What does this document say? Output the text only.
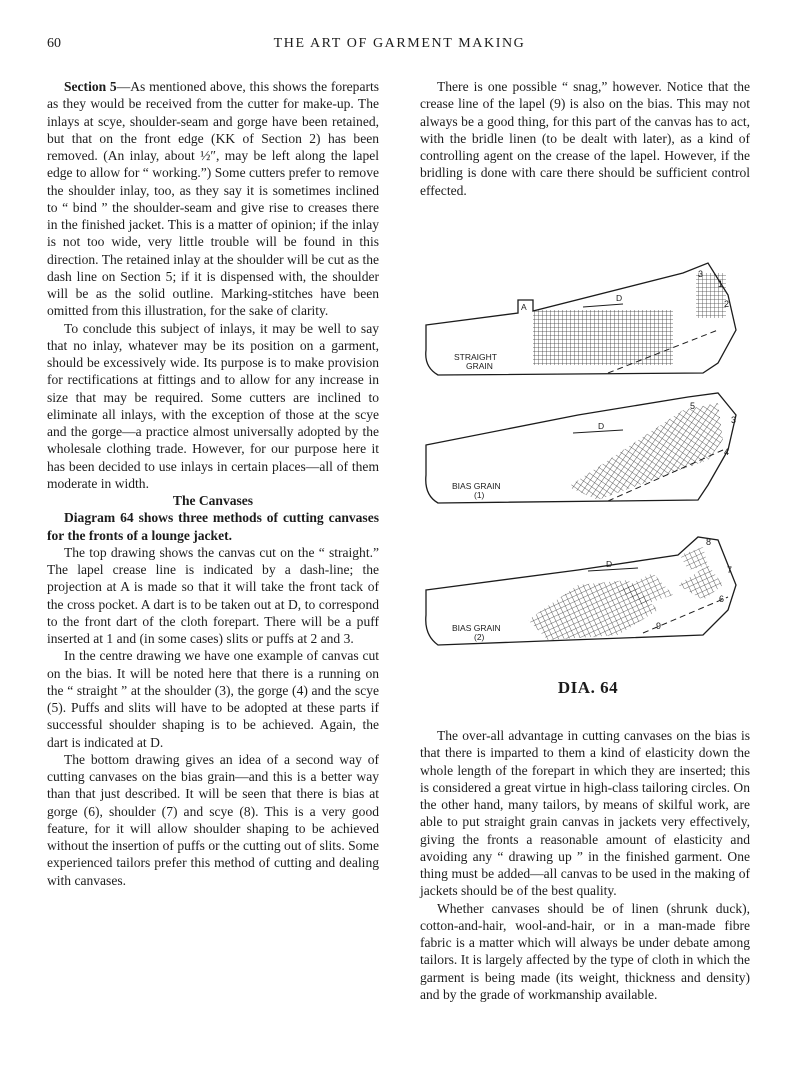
60	THE ART OF GARMENT MAKING

Section 5—As mentioned above, this shows the foreparts as they would be received from the cutter for make-up. The inlays at scye, shoulder-seam and gorge have been retained, but that on the front edge (KK of Section 2) has been removed. (An inlay, about ½″, may be left along the lapel edge to allow for “ working.”) Some cutters prefer to remove the shoulder inlay, too, as they say it is sometimes inclined to “ bind ” the shoulder-seam and give rise to creases there in the finished jacket. This is a matter of opinion; if the inlay is not too wide, very little trouble will be found in this direction. The retained inlay at the shoulder will be cut as the dash line on Section 5; if it is dispensed with, the shoulder will be as the solid outline. Marking-stitches have been omitted from this illustration, for the sake of clarity.

To conclude this subject of inlays, it may be well to say that no inlay, whatever may be its position on a garment, should be excessively wide. Its purpose is to make provision for rectifications at fittings and to allow for any increase in size that may be required. Some cutters are inclined to eliminate all inlays, with the exception of those at the scye and the gorge—a practice almost universally adopted by the wholesale clothing trade. However, for our purpose here it has been decided to use inlays in certain places—all of them moderate in width.

The Canvases

Diagram 64 shows three methods of cutting canvases for the fronts of a lounge jacket.

The top drawing shows the canvas cut on the “ straight.” The lapel crease line is indicated by a dash-line; the projection at A is made so that it will take the front tack of the cross pocket. A dart is to be taken out at D, to correspond to the front dart of the cloth forepart. There will be a puff inserted at 1 and (in some cases) slits or puffs at 2 and 3.

In the centre drawing we have one example of canvas cut on the bias. It will be noted here that there is a running on the “ straight ” at the shoulder (3), the gorge (4) and the scye (5). Puffs and slits will have to be adopted at these parts if successful shoulder shaping is to be achieved. Again, the dart is indicated at D.

The bottom drawing gives an idea of a second way of cutting canvases on the bias grain—and this is a better way than that just described. It will be seen that there is bias at gorge (6), shoulder (7) and scye (8). This is a very good feature, for it will allow shoulder shaping to be achieved without the insertion of puffs or the cutting out of slits. Some experienced tailors prefer this method of cutting and dealing with canvases.

There is one possible “ snag,” however. Notice that the crease line of the lapel (9) is also on the bias. This may not always be a good thing, for this part of the canvas has to act, with the bridle linen (to be dealt with later), as a kind of controlling agent on the crease of the lapel. However, if the bridling is done with care there should be sufficient control effected.

A
D
1
2
3
STRAIGHT
GRAIN
D
3
4
5
BIAS GRAIN
(1)
D
6
7
8
9
BIAS GRAIN
(2)
DIA. 64

The over-all advantage in cutting canvases on the bias is that there is imparted to them a kind of elasticity down the whole length of the forepart in which they are inserted; this is considered a great virtue in high-class tailoring circles. On the other hand, many tailors, by means of skilful work, are able to put straight grain canvas in jackets very effectively, giving the fronts a reasonable amount of elasticity and avoiding any “ drawing up ” in the finished garment. One thing must be added—all canvas to be used in the making of jackets should be of the best quality.

Whether canvases should be of linen (shrunk duck), cotton-and-hair, wool-and-hair, or in a man-made fibre fabric is a matter which will always be under debate among tailors. It is largely affected by the type of cloth in which the garment is being made (its weight, thickness and density) and by the grade of workmanship available.
